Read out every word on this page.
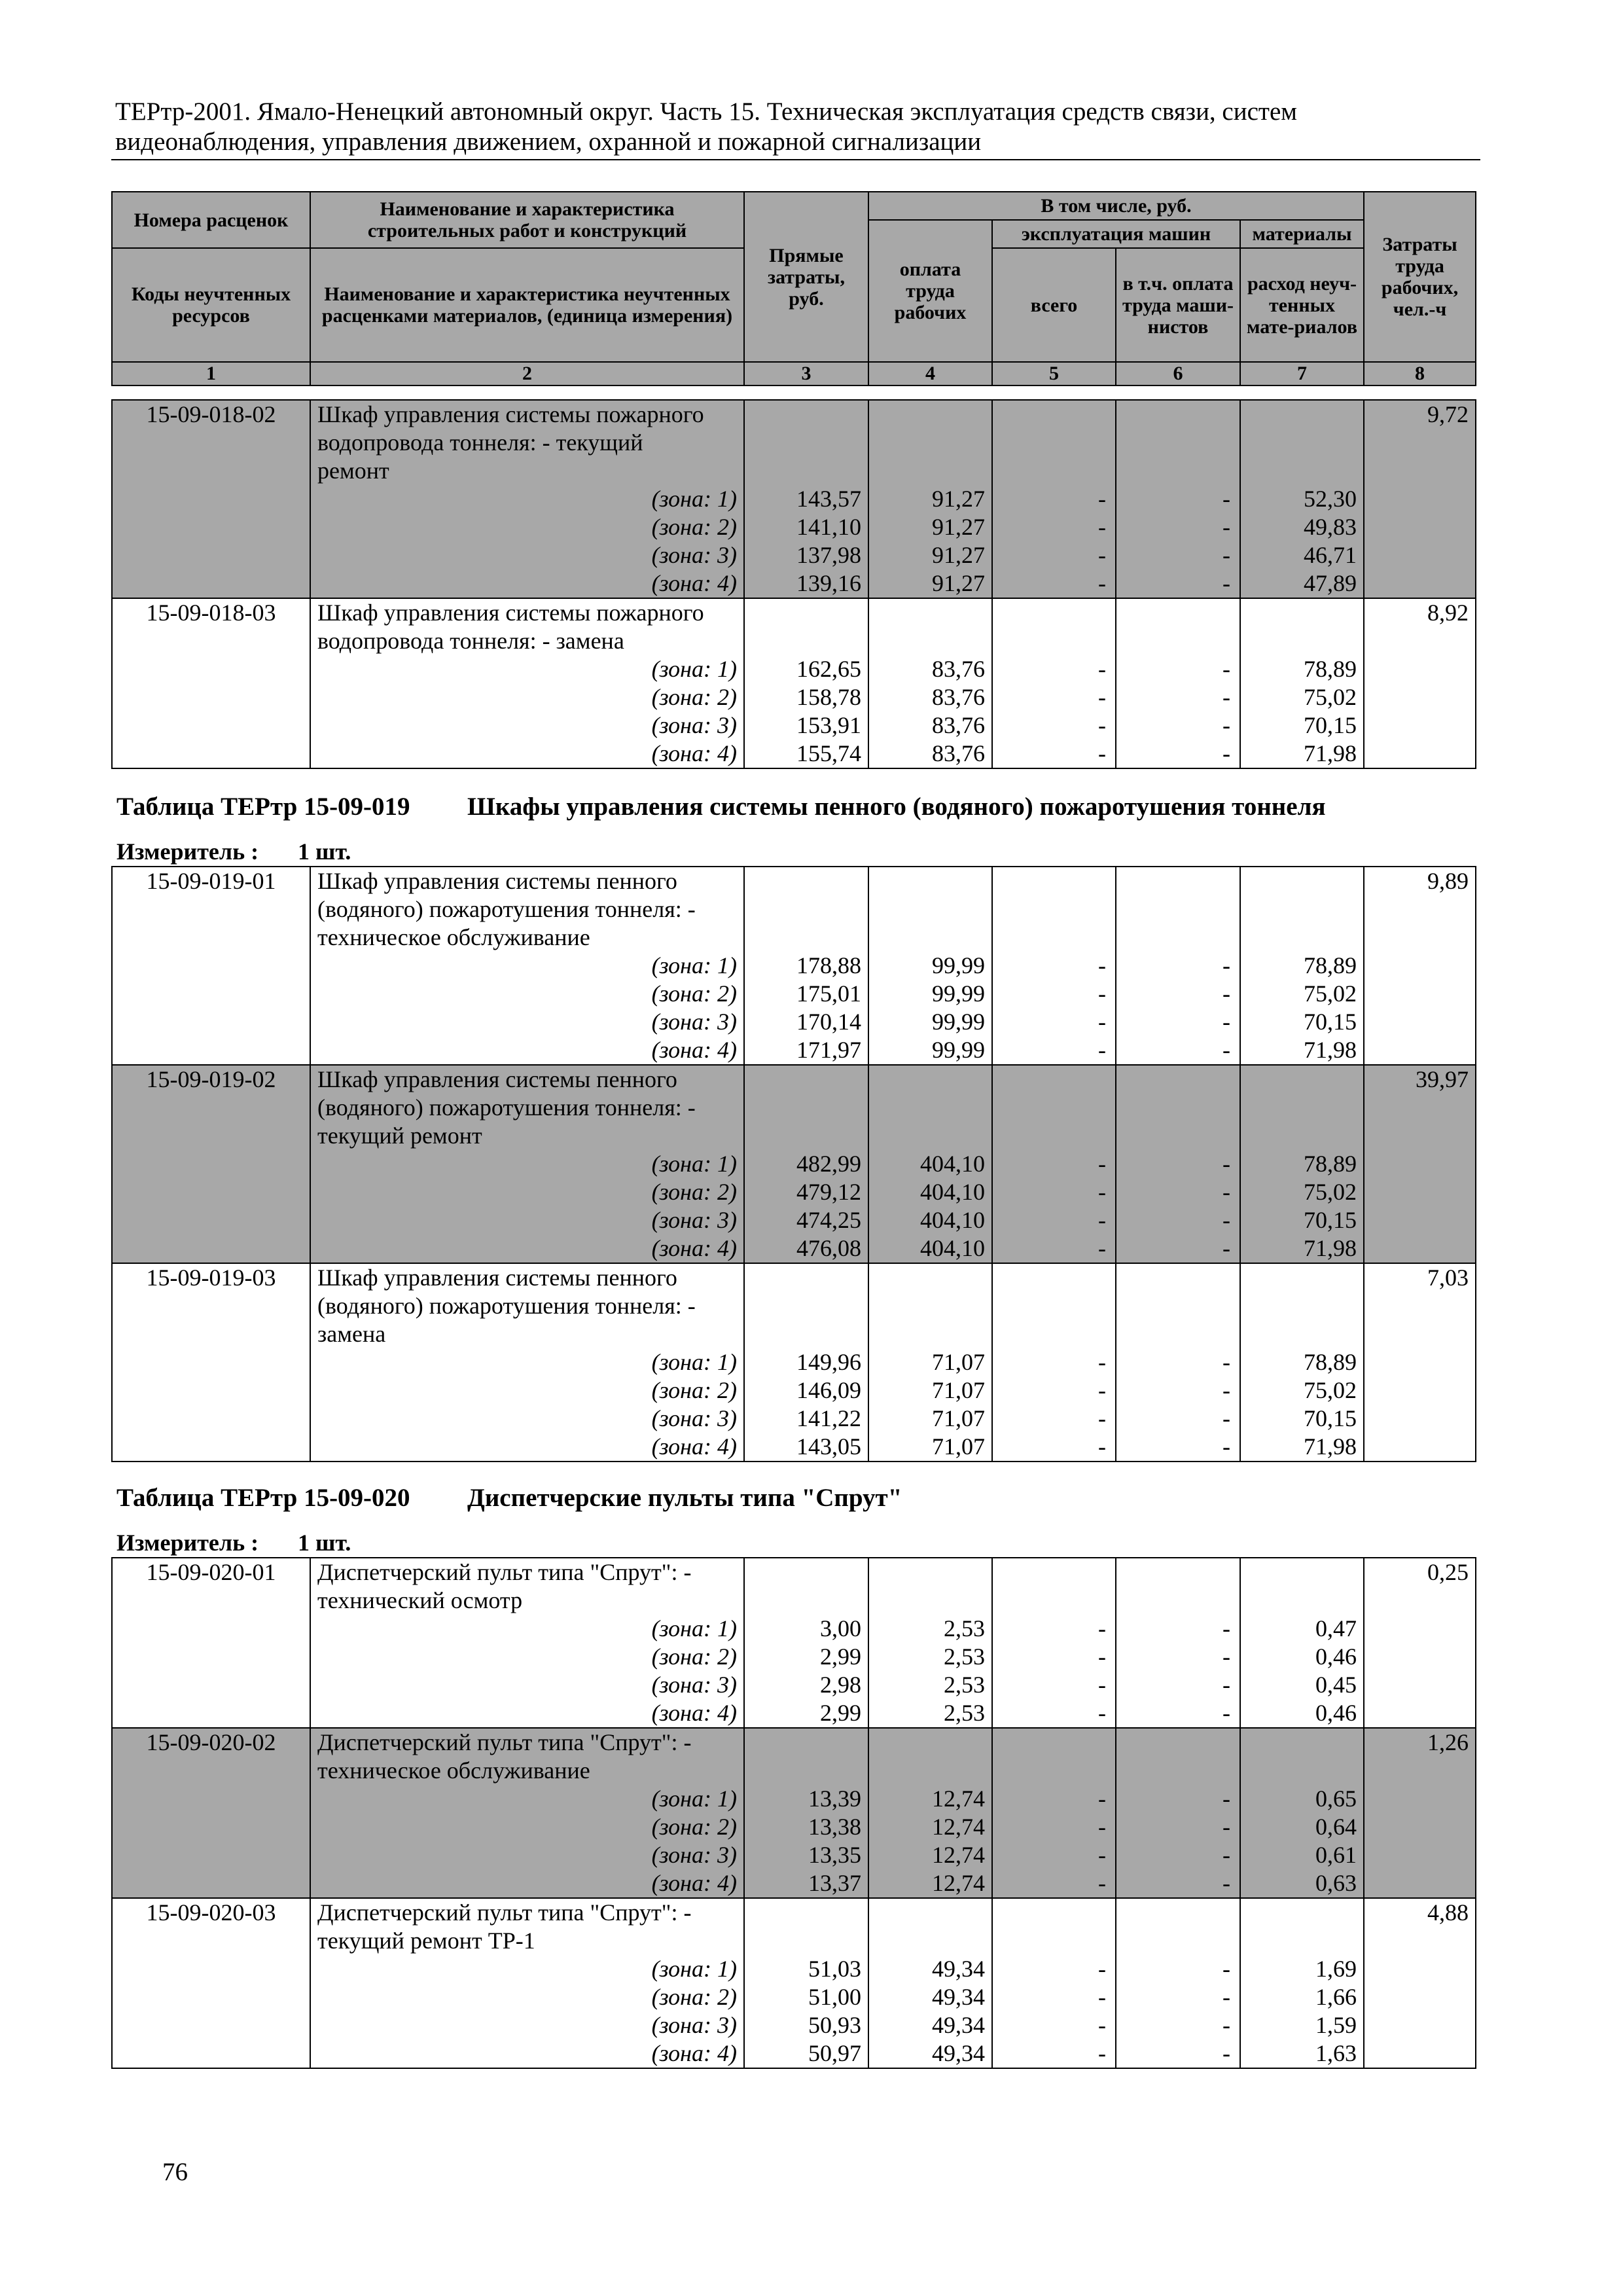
ТЕРтр-2001. Ямало-Ненецкий автономный округ. Часть 15. Техническая эксплуатация средств связи, систем
видеонаблюдения, управления движением, охранной и пожарной сигнализации
Номера расценок	Наименование и характеристика строительных работ и конструкций	Прямые затраты, руб.	В том числе, руб.				Затраты труда рабочих, чел.-ч
			оплата труда рабочих	эксплуатация машин		материалы	
Коды неучтенных ресурсов	Наименование и характеристика неучтенных расценками материалов, (единица измерения)			всего	в т.ч. оплата труда маши-нистов	расход неуч-тенных мате-риалов	

1	2	3	4	5	6	7	8
15-09-018-02	Шкаф управления системы пожарного						9,72
	водопровода тоннеля: - текущий						
	ремонт						
	(зона: 1)	143,57	91,27	-	-	52,30	
	(зона: 2)	141,10	91,27	-	-	49,83	
	(зона: 3)	137,98	91,27	-	-	46,71	
	(зона: 4)	139,16	91,27	-	-	47,89	
15-09-018-03	Шкаф управления системы пожарного						8,92
	водопровода тоннеля: - замена						
	(зона: 1)	162,65	83,76	-	-	78,89	
	(зона: 2)	158,78	83,76	-	-	75,02	
	(зона: 3)	153,91	83,76	-	-	70,15	
	(зона: 4)	155,74	83,76	-	-	71,98	
Таблица ТЕРтр 15-09-019 Шкафы управления системы пенного (водяного) пожаротушения тоннеля
Измеритель : 1 шт.
15-09-019-01	Шкаф управления системы пенного						9,89
	(водяного) пожаротушения тоннеля: -						
	техническое обслуживание						
	(зона: 1)	178,88	99,99	-	-	78,89	
	(зона: 2)	175,01	99,99	-	-	75,02	
	(зона: 3)	170,14	99,99	-	-	70,15	
	(зона: 4)	171,97	99,99	-	-	71,98	
15-09-019-02	Шкаф управления системы пенного						39,97
	(водяного) пожаротушения тоннеля: -						
	текущий ремонт						
	(зона: 1)	482,99	404,10	-	-	78,89	
	(зона: 2)	479,12	404,10	-	-	75,02	
	(зона: 3)	474,25	404,10	-	-	70,15	
	(зона: 4)	476,08	404,10	-	-	71,98	
15-09-019-03	Шкаф управления системы пенного						7,03
	(водяного) пожаротушения тоннеля: -						
	замена						
	(зона: 1)	149,96	71,07	-	-	78,89	
	(зона: 2)	146,09	71,07	-	-	75,02	
	(зона: 3)	141,22	71,07	-	-	70,15	
	(зона: 4)	143,05	71,07	-	-	71,98	
Таблица ТЕРтр 15-09-020 Диспетчерские пульты типа "Спрут"
Измеритель : 1 шт.
15-09-020-01	Диспетчерский пульт типа "Спрут": -						0,25
	технический осмотр						
	(зона: 1)	3,00	2,53	-	-	0,47	
	(зона: 2)	2,99	2,53	-	-	0,46	
	(зона: 3)	2,98	2,53	-	-	0,45	
	(зона: 4)	2,99	2,53	-	-	0,46	
15-09-020-02	Диспетчерский пульт типа "Спрут": -						1,26
	техническое обслуживание						
	(зона: 1)	13,39	12,74	-	-	0,65	
	(зона: 2)	13,38	12,74	-	-	0,64	
	(зона: 3)	13,35	12,74	-	-	0,61	
	(зона: 4)	13,37	12,74	-	-	0,63	
15-09-020-03	Диспетчерский пульт типа "Спрут": -						4,88
	текущий ремонт ТР-1						
	(зона: 1)	51,03	49,34	-	-	1,69	
	(зона: 2)	51,00	49,34	-	-	1,66	
	(зона: 3)	50,93	49,34	-	-	1,59	
	(зона: 4)	50,97	49,34	-	-	1,63	
76
